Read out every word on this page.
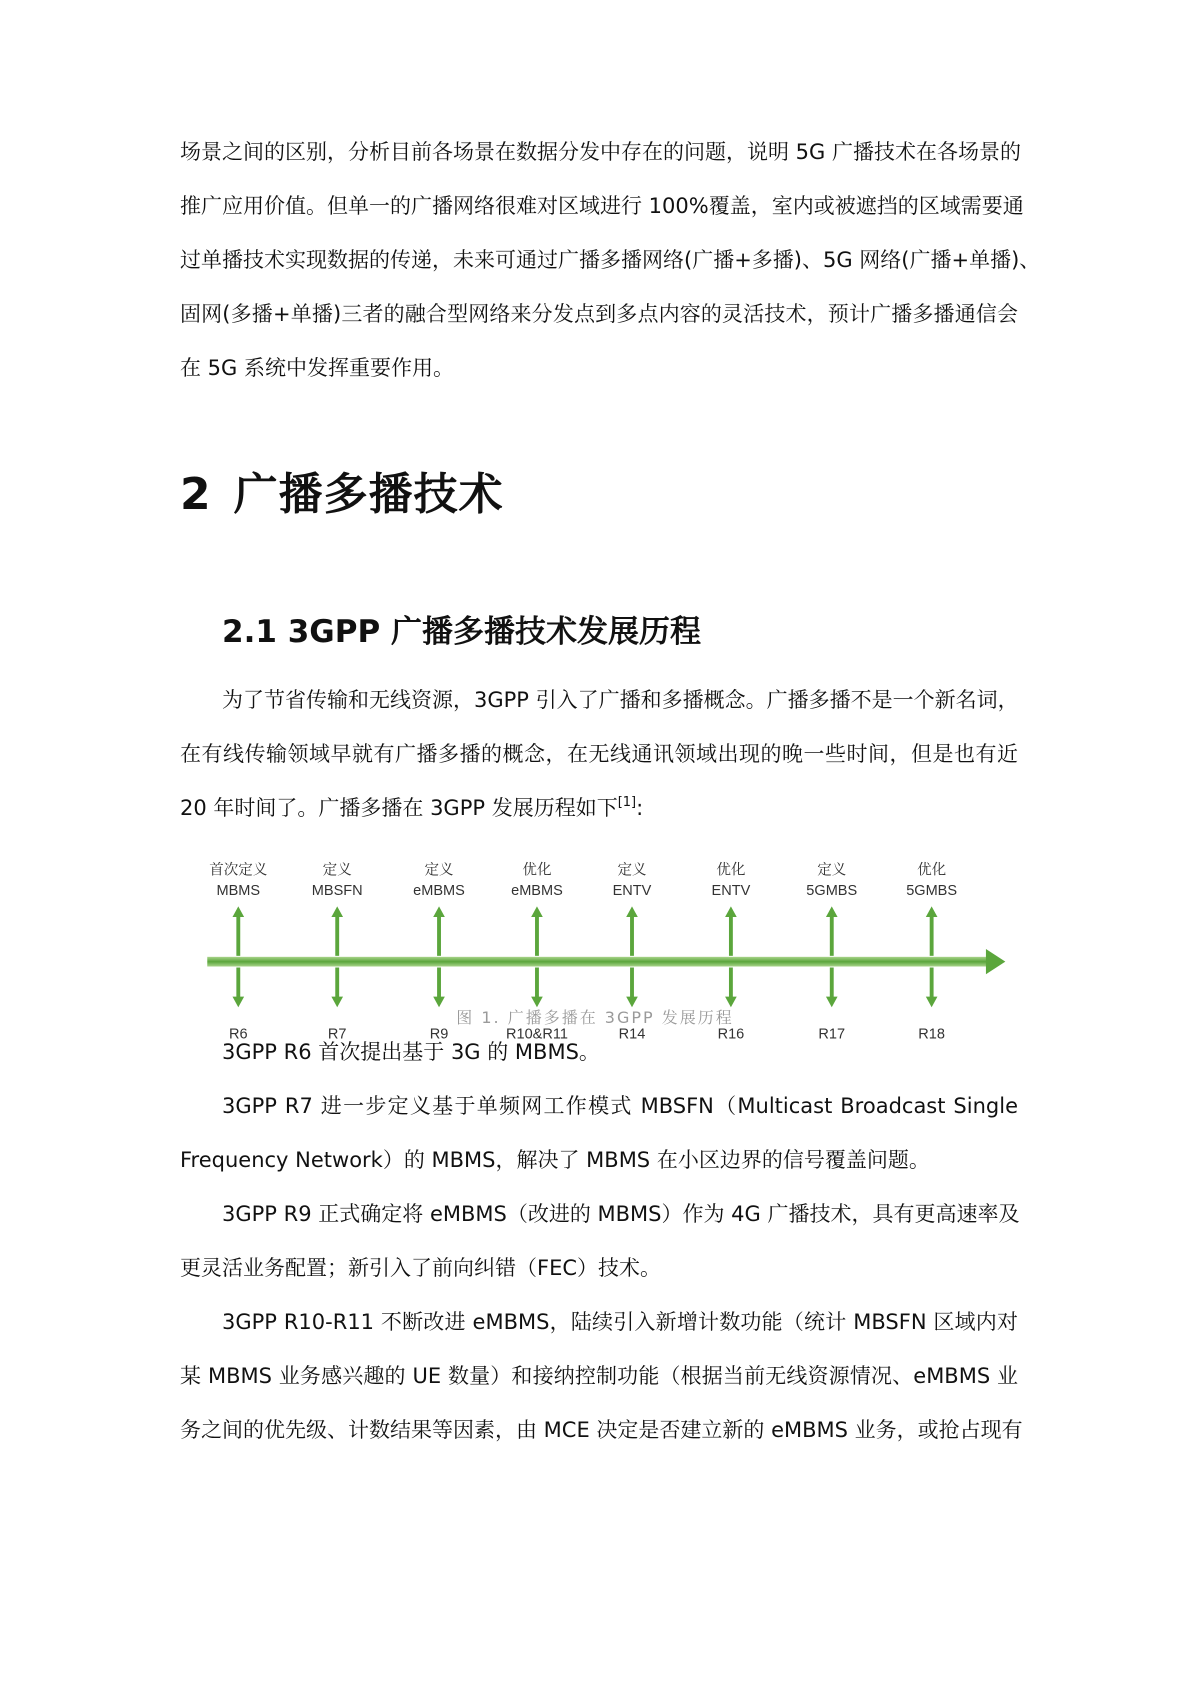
场景之间的区别，分析目前各场景在数据分发中存在的问题，说明 5G 广播技术在各场景的
推广应用价值。但单一的广播网络很难对区域进行 100%覆盖，室内或被遮挡的区域需要通
过单播技术实现数据的传递，未来可通过广播多播网络(广播+多播)、5G 网络(广播+单播)、
固网(多播+单播)三者的融合型网络来分发点到多点内容的灵活技术，预计广播多播通信会
在 5G 系统中发挥重要作用。
2 广播多播技术
2.1 3GPP 广播多播技术发展历程
为了节省传输和无线资源，3GPP 引入了广播和多播概念。广播多播不是一个新名词，
在有线传输领域早就有广播多播的概念，在无线通讯领域出现的晚一些时间，但是也有近
20 年时间了。广播多播在 3GPP 发展历程如下[1]:
首次定义
MBMS
R6
定义
MBSFN
R7
定义
eMBMS
R9
优化
eMBMS
R10&R11
定义
ENTV
R14
优化
ENTV
R16
定义
5GMBS
R17
优化
5GMBS
R18
图 1. 广播多播在 3GPP 发展历程
3GPP R6 首次提出基于 3G 的 MBMS。
3GPP R7 进一步定义基于单频网工作模式 MBSFN（Multicast Broadcast Single
Frequency Network）的 MBMS，解决了 MBMS 在小区边界的信号覆盖问题。
3GPP R9 正式确定将 eMBMS（改进的 MBMS）作为 4G 广播技术，具有更高速率及
更灵活业务配置；新引入了前向纠错（FEC）技术。
3GPP R10-R11 不断改进 eMBMS，陆续引入新增计数功能（统计 MBSFN 区域内对
某 MBMS 业务感兴趣的 UE 数量）和接纳控制功能（根据当前无线资源情况、eMBMS 业
务之间的优先级、计数结果等因素，由 MCE 决定是否建立新的 eMBMS 业务，或抢占现有
